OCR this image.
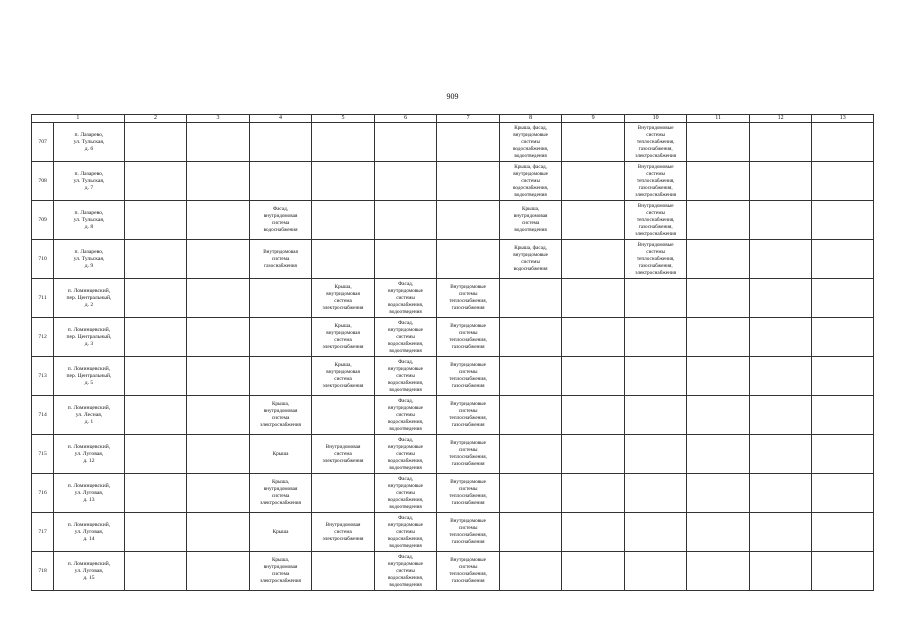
909
1		2	3	4	5	6	7	8	9	10	11	12	13

707	п. Лазарево,
ул. Тульская,
д. 6							Крыша, фасад,
внутридомовые
системы
водоснабжения,
водоотведения		Внутридомовые
системы
теплоснабжения,
газоснабжения,
электроснабжения			

708	п. Лазарево,
ул. Тульская,
д. 7							Крыша, фасад,
внутридомовые
системы
водоснабжения,
водоотведения		Внутридомовые
системы
теплоснабжения,
газоснабжения,
электроснабжения			

709	п. Лазарево,
ул. Тульская,
д. 8			Фасад,
внутридомовая
система
водоснабжения				Крыша,
внутридомовая
система
водоотведения		Внутридомовые
системы
теплоснабжения,
газоснабжения,
электроснабжения			

710	п. Лазарево,
ул. Тульская,
д. 9			Внутридомовая
система
газоснабжения				Крыша, фасад,
внутридомовые
системы
водоснабжения		Внутридомовые
системы
теплоснабжения,
газоснабжения,
электроснабжения			

711	п. Ломинцевский,
пер. Центральный,
д. 2				Крыша,
внутридомовая
система
электроснабжения	Фасад,
внутридомовые
системы
водоснабжения,
водоотведения	Внутридомовые
системы
теплоснабжения,
газоснабжения						

712	п. Ломинцевский,
пер. Центральный,
д. 3				Крыша,
внутридомовая
система
электроснабжения	Фасад,
внутридомовые
системы
водоснабжения,
водоотведения	Внутридомовые
системы
теплоснабжения,
газоснабжения						

713	п. Ломинцевский,
пер. Центральный,
д. 5				Крыша,
внутридомовая
система
электроснабжения	Фасад,
внутридомовые
системы
водоснабжения,
водоотведения	Внутридомовые
системы
теплоснабжения,
газоснабжения						

714	п. Ломинцевский,
ул. Лесная,
д. 1			Крыша,
внутридомовая
система
электроснабжения		Фасад,
внутридомовые
системы
водоснабжения,
водоотведения	Внутридомовые
системы
теплоснабжения,
газоснабжения						

715	п. Ломинцевский,
ул. Луговая,
д. 12			Крыша	Внутридомовая
система
электроснабжения	Фасад,
внутридомовые
системы
водоснабжения,
водоотведения	Внутридомовые
системы
теплоснабжения,
газоснабжения						

716	п. Ломинцевский,
ул. Луговая,
д. 13			Крыша,
внутридомовая
система
электроснабжения		Фасад,
внутридомовые
системы
водоснабжения,
водоотведения	Внутридомовые
системы
теплоснабжения,
газоснабжения						

717	п. Ломинцевский,
ул. Луговая,
д. 14			Крыша	Внутридомовая
система
электроснабжения	Фасад,
внутридомовые
системы
водоснабжения,
водоотведения	Внутридомовые
системы
теплоснабжения,
газоснабжения						

718	п. Ломинцевский,
ул. Луговая,
д. 15			Крыша,
внутридомовая
система
электроснабжения		Фасад,
внутридомовые
системы
водоснабжения,
водоотведения	Внутридомовые
системы
теплоснабжения,
газоснабжения						
